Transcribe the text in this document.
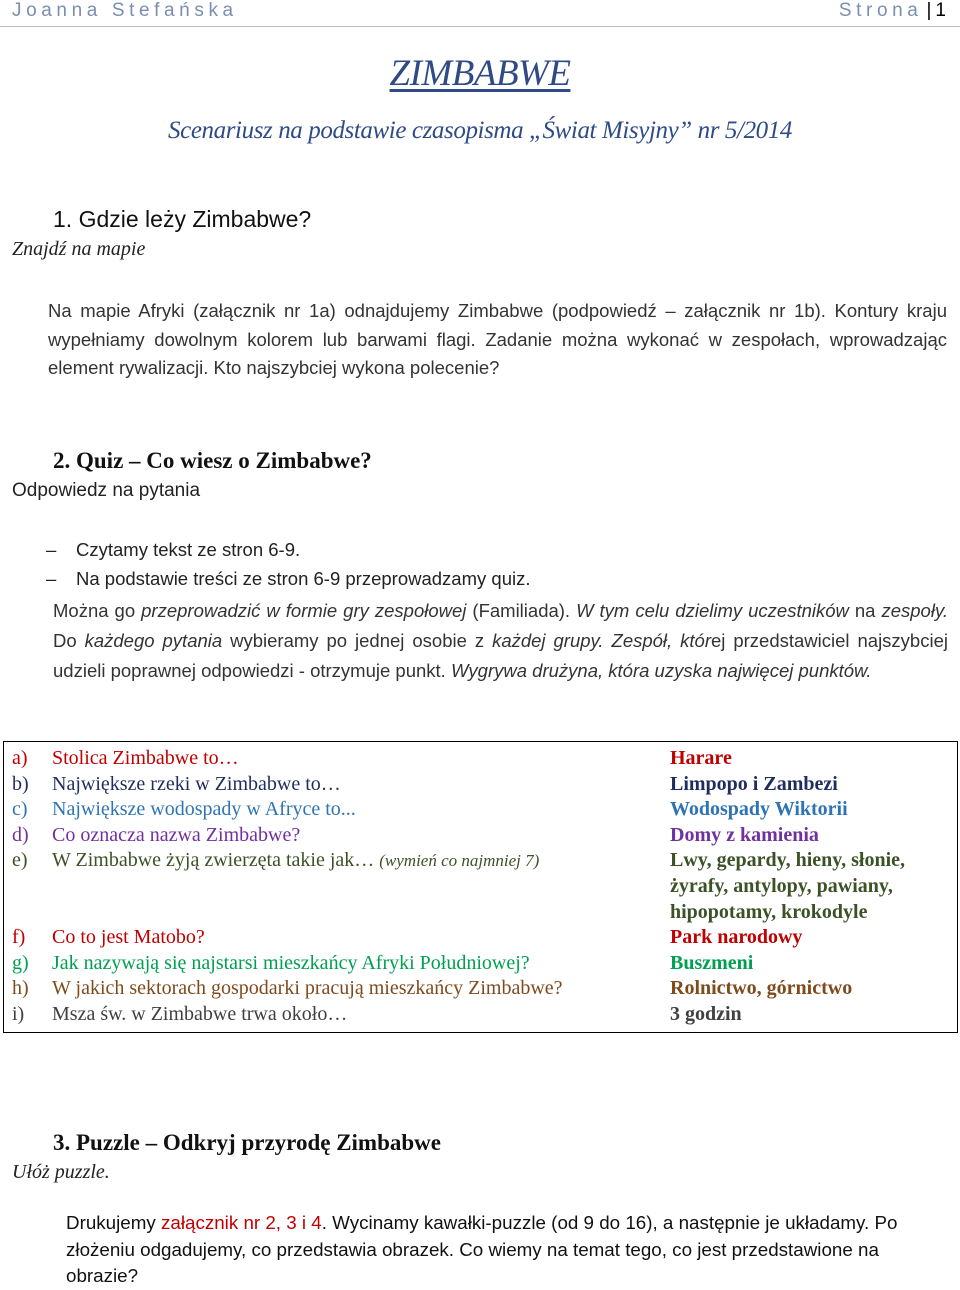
Joanna Stefańska	Strona | 1
ZIMBABWE
Scenariusz na podstawie czasopisma „Świat Misyjny” nr 5/2014
1. Gdzie leży Zimbabwe?
Znajdź na mapie
Na mapie Afryki (załącznik nr 1a) odnajdujemy Zimbabwe (podpowiedź – załącznik nr 1b). Kontury kraju wypełniamy dowolnym kolorem lub barwami flagi. Zadanie można wykonać w zespołach, wprowadzając element rywalizacji. Kto najszybciej wykona polecenie?
2. Quiz – Co wiesz o Zimbabwe?
Odpowiedz na pytania
– Czytamy tekst ze stron 6-9.
– Na podstawie treści ze stron 6-9 przeprowadzamy quiz.
Można go przeprowadzić w formie gry zespołowej (Familiada). W tym celu dzielimy uczestników na zespoły. Do każdego pytania wybieramy po jednej osobie z każdej grupy. Zespół, której przedstawiciel najszybciej udzieli poprawnej odpowiedzi - otrzymuje punkt. Wygrywa drużyna, która uzyska najwięcej punktów.
a)	Stolica Zimbabwe to…	Harare
b)	Największe rzeki w Zimbabwe to…	Limpopo i Zambezi
c)	Największe wodospady w Afryce to...	Wodospady Wiktorii
d)	Co oznacza nazwa Zimbabwe?	Domy z kamienia
e)	W Zimbabwe żyją zwierzęta takie jak… (wymień co najmniej 7)	Lwy, gepardy, hieny, słonie, żyrafy, antylopy, pawiany, hipopotamy, krokodyle
f)	Co to jest Matobo?	Park narodowy
g)	Jak nazywają się najstarsi mieszkańcy Afryki Południowej?	Buszmeni
h)	W jakich sektorach gospodarki pracują mieszkańcy Zimbabwe?	Rolnictwo, górnictwo
i)	Msza św. w Zimbabwe trwa około…	3 godzin
3. Puzzle – Odkryj przyrodę Zimbabwe
Ułóż puzzle.
Drukujemy załącznik nr 2, 3 i 4. Wycinamy kawałki-puzzle (od 9 do 16), a następnie je układamy. Po złożeniu odgadujemy, co przedstawia obrazek. Co wiemy na temat tego, co jest przedstawione na obrazie?
